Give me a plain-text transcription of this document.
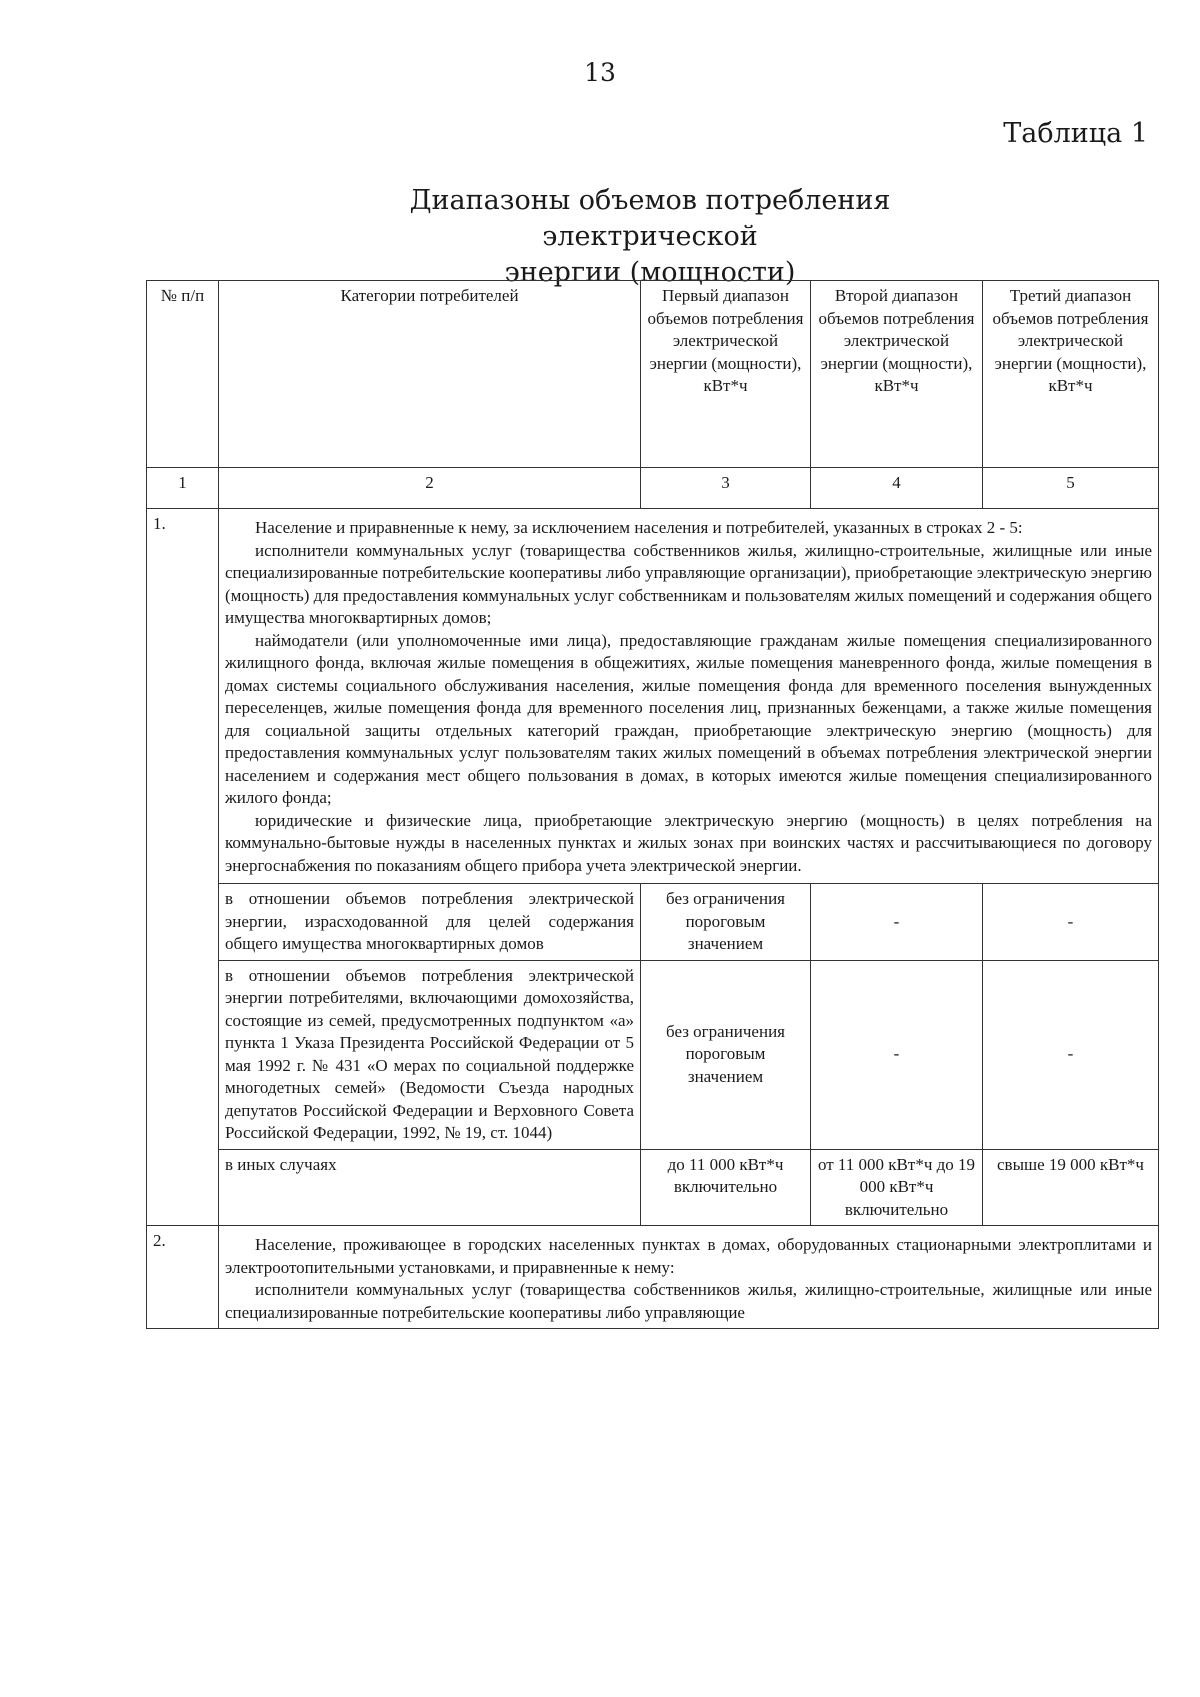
13
Таблица 1
Диапазоны объемов потребления электрической
энергии (мощности)
№ п/п	Категории потребителей	Первый диапазон объемов потребления электрической энергии (мощности), кВт*ч	Второй диапазон объемов потребления электрической энергии (мощности), кВт*ч	Третий диапазон объемов потребления электрической энергии (мощности), кВт*ч
1	2	3	4	5
1.	Население и приравненные к нему, за исключением населения и потребителей, указанных в строках 2 - 5:

исполнители коммунальных услуг (товарищества собственников жилья, жилищно-строительные, жилищные или иные специализированные потребительские кооперативы либо управляющие организации), приобретающие электрическую энергию (мощность) для предоставления коммунальных услуг собственникам и пользователям жилых помещений и содержания общего имущества многоквартирных домов;

наймодатели (или уполномоченные ими лица), предоставляющие гражданам жилые помещения специализированного жилищного фонда, включая жилые помещения в общежитиях, жилые помещения маневренного фонда, жилые помещения в домах системы социального обслуживания населения, жилые помещения фонда для временного поселения вынужденных переселенцев, жилые помещения фонда для временного поселения лиц, признанных беженцами, а также жилые помещения для социальной защиты отдельных категорий граждан, приобретающие электрическую энергию (мощность) для предоставления коммунальных услуг пользователям таких жилых помещений в объемах потребления электрической энергии населением и содержания мест общего пользования в домах, в которых имеются жилые помещения специализированного жилого фонда;

юридические и физические лица, приобретающие электрическую энергию (мощность) в целях потребления на коммунально-бытовые нужды в населенных пунктах и жилых зонах при воинских частях и рассчитывающиеся по договору энергоснабжения по показаниям общего прибора учета электрической энергии.			

	в отношении объемов потребления электрической энергии, израсходованной для целей содержания общего имущества многоквартирных домов	без ограничения пороговым значением	-	-
	в отношении объемов потребления электрической энергии потребителями, включающими домохозяйства, состоящие из семей, предусмотренных подпунктом «а» пункта 1 Указа Президента Российской Федерации от 5 мая 1992 г. № 431 «О мерах по социальной поддержке многодетных семей» (Ведомости Съезда народных депутатов Российской Федерации и Верховного Совета Российской Федерации, 1992, № 19, ст. 1044)	без ограничения пороговым значением	-	-
	в иных случаях	до 11 000 кВт*ч включительно	от 11 000 кВт*ч до 19 000 кВт*ч включительно	свыше 19 000 кВт*ч
2.	Население, проживающее в городских населенных пунктах в домах, оборудованных стационарными электроплитами и электроотопительными установками, и приравненные к нему:

исполнители коммунальных услуг (товарищества собственников жилья, жилищно-строительные, жилищные или иные специализированные потребительские кооперативы либо управляющие			
